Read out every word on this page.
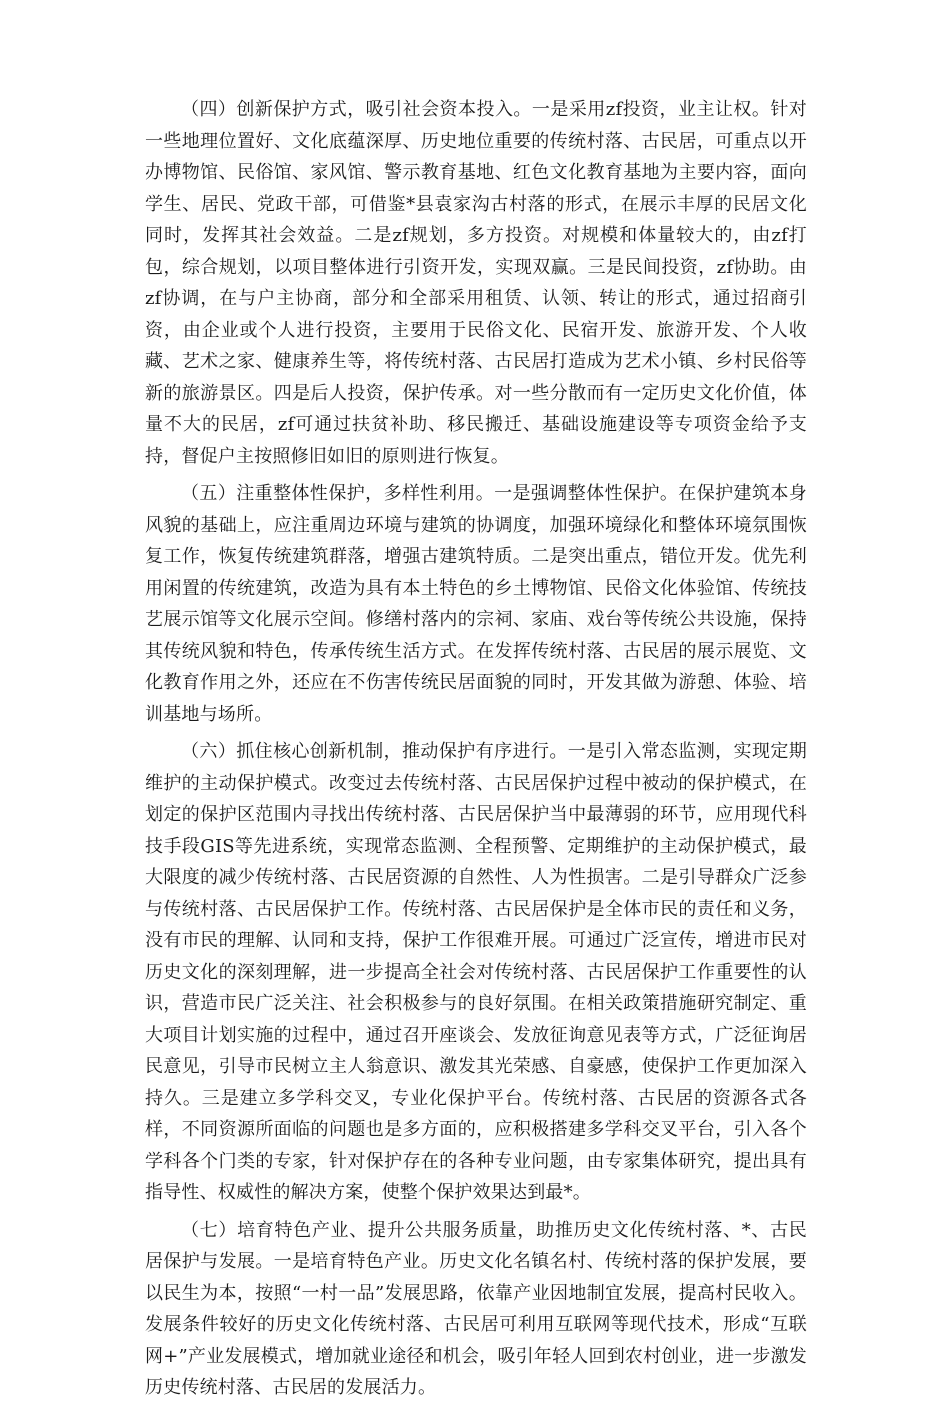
（四）创新保护方式，吸引社会资本投入。一是采用zf投资，业主让权。针对一些地理位置好、文化底蕴深厚、历史地位重要的传统村落、古民居，可重点以开办博物馆、民俗馆、家风馆、警示教育基地、红色文化教育基地为主要内容，面向学生、居民、党政干部，可借鉴*县袁家沟古村落的形式，在展示丰厚的民居文化同时，发挥其社会效益。二是zf规划，多方投资。对规模和体量较大的，由zf打包，综合规划，以项目整体进行引资开发，实现双赢。三是民间投资，zf协助。由zf协调，在与户主协商，部分和全部采用租赁、认领、转让的形式，通过招商引资，由企业或个人进行投资，主要用于民俗文化、民宿开发、旅游开发、个人收藏、艺术之家、健康养生等，将传统村落、古民居打造成为艺术小镇、乡村民俗等新的旅游景区。四是后人投资，保护传承。对一些分散而有一定历史文化价值，体量不大的民居，zf可通过扶贫补助、移民搬迁、基础设施建设等专项资金给予支持，督促户主按照修旧如旧的原则进行恢复。

（五）注重整体性保护，多样性利用。一是强调整体性保护。在保护建筑本身风貌的基础上，应注重周边环境与建筑的协调度，加强环境绿化和整体环境氛围恢复工作，恢复传统建筑群落，增强古建筑特质。二是突出重点，错位开发。优先利用闲置的传统建筑，改造为具有本土特色的乡土博物馆、民俗文化体验馆、传统技艺展示馆等文化展示空间。修缮村落内的宗祠、家庙、戏台等传统公共设施，保持其传统风貌和特色，传承传统生活方式。在发挥传统村落、古民居的展示展览、文化教育作用之外，还应在不伤害传统民居面貌的同时，开发其做为游憩、体验、培训基地与场所。

（六）抓住核心创新机制，推动保护有序进行。一是引入常态监测，实现定期维护的主动保护模式。改变过去传统村落、古民居保护过程中被动的保护模式，在划定的保护区范围内寻找出传统村落、古民居保护当中最薄弱的环节，应用现代科技手段GIS等先进系统，实现常态监测、全程预警、定期维护的主动保护模式，最大限度的减少传统村落、古民居资源的自然性、人为性损害。二是引导群众广泛参与传统村落、古民居保护工作。传统村落、古民居保护是全体市民的责任和义务，没有市民的理解、认同和支持，保护工作很难开展。可通过广泛宣传，增进市民对历史文化的深刻理解，进一步提高全社会对传统村落、古民居保护工作重要性的认识，营造市民广泛关注、社会积极参与的良好氛围。在相关政策措施研究制定、重大项目计划实施的过程中，通过召开座谈会、发放征询意见表等方式，广泛征询居民意见，引导市民树立主人翁意识、激发其光荣感、自豪感，使保护工作更加深入持久。三是建立多学科交叉，专业化保护平台。传统村落、古民居的资源各式各样，不同资源所面临的问题也是多方面的，应积极搭建多学科交叉平台，引入各个学科各个门类的专家，针对保护存在的各种专业问题，由专家集体研究，提出具有指导性、权威性的解决方案，使整个保护效果达到最*。

（七）培育特色产业、提升公共服务质量，助推历史文化传统村落、*、古民居保护与发展。一是培育特色产业。历史文化名镇名村、传统村落的保护发展，要以民生为本，按照“一村一品”发展思路，依靠产业因地制宜发展，提高村民收入。发展条件较好的历史文化传统村落、古民居可利用互联网等现代技术，形成“互联网+”产业发展模式，增加就业途径和机会，吸引年轻人回到农村创业，进一步激发历史传统村落、古民居的发展活力。
